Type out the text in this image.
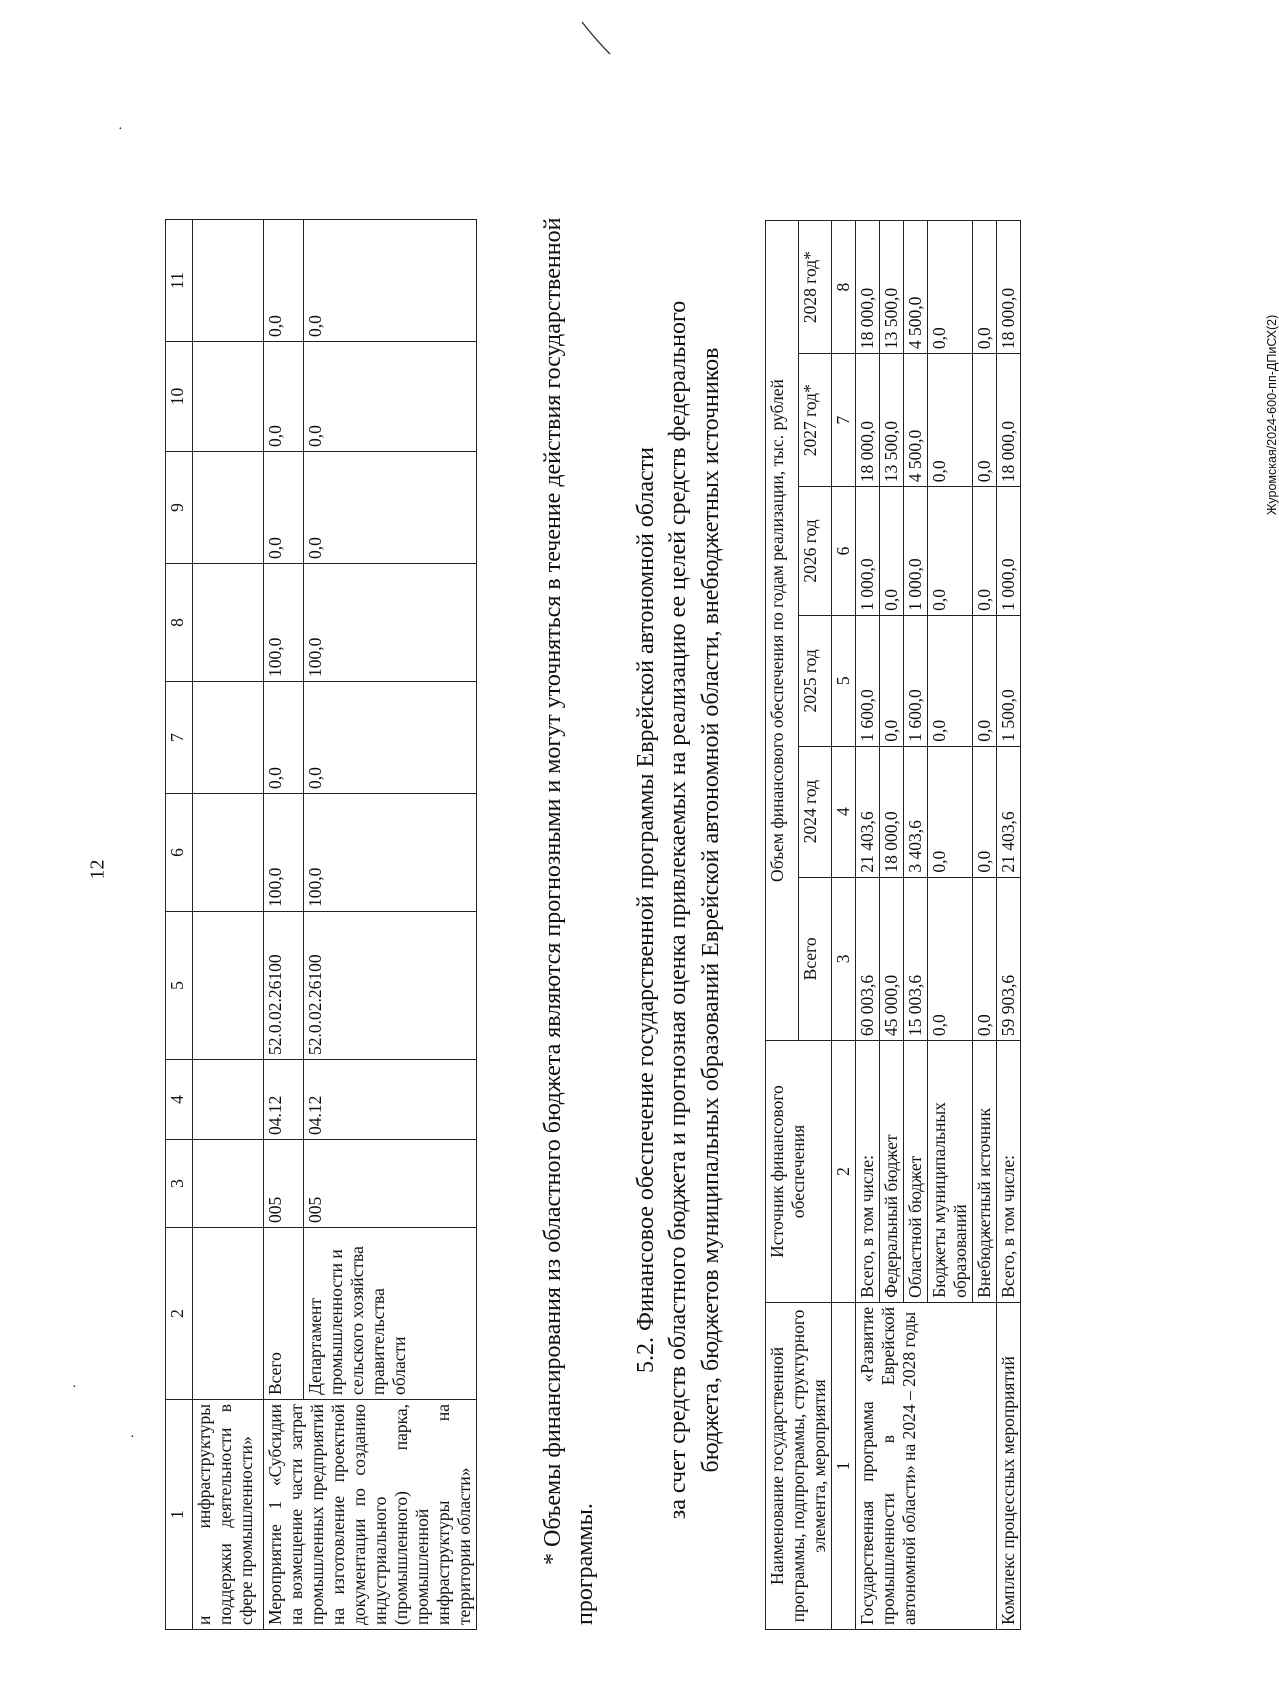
12
·
·
·
1	2	3	4	5	6	7	8	9	10	11
и инфраструктуры поддержки деятельности в сфере промышленности»										
Мероприятие 1 «Субсидии на возмещение части затрат промышленных предприятий на изготовление проектной документации по созданию индустриального (промышленного) парка, промышленной инфраструктуры на территории области»	Всего	005	04.12	52.0.02.26100	100,0	0,0	100,0	0,0	0,0	0,0
	Департамент промышленности и сельского хозяйства правительства области	005	04.12	52.0.02.26100	100,0	0,0	100,0	0,0	0,0	0,0	* Объемы финансирования из областного бюджета являются прогнозными и могут уточняться в течение действия государственной программы.

5.2. Финансовое обеспечение государственной программы Еврейской автономной области за счет средств областного бюджета и прогнозная оценка привлекаемых на реализацию ее целей средств федерального бюджета, бюджетов муниципальных образований Еврейской автономной области, внебюджетных источников Наименование государственной программы, подпрограммы, структурного элемента, мероприятия	Источник финансового обеспечения	Объем финансового обеспечения по годам реализации, тыс. рублей					
		Всего	2024 год	2025 год	2026 год	2027 год*	2028 год*
1	2	3	4	5	6	7	8
Государственная программа «Развитие промышленности в Еврейской автономной области» на 2024 – 2028 годы	Всего, в том числе:	60 003,6	21 403,6	1 600,0	1 000,0	18 000,0	18 000,0
	Федеральный бюджет	45 000,0	18 000,0	0,0	0,0	13 500,0	13 500,0
	Областной бюджет	15 003,6	3 403,6	1 600,0	1 000,0	4 500,0	4 500,0
	Бюджеты муниципальных образований	0,0	0,0	0,0	0,0	0,0	0,0
	Внебюджетный источник	0,0	0,0	0,0	0,0	0,0	0,0
Комплекс процессных мероприятий	Всего, в том числе:	59 903,6	21 403,6	1 500,0	1 000,0	18 000,0	18 000,0	Журомская/2024-600-пп-ДПиСХ(2)
